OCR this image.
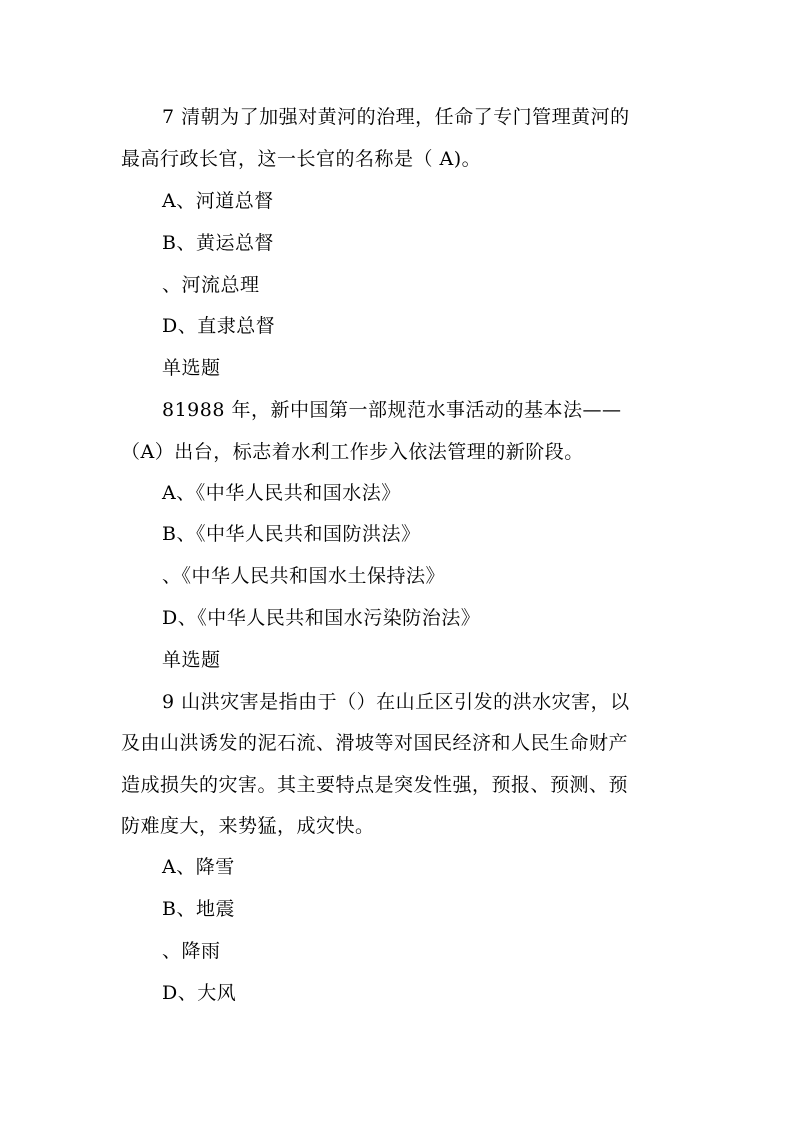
7 清朝为了加强对黄河的治理，任命了专门管理黄河的
最高行政长官，这一长官的名称是（ A)。
A、河道总督
B、黄运总督
、河流总理
D、直隶总督
单选题
81988 年，新中国第一部规范水事活动的基本法——
（A）出台，标志着水利工作步入依法管理的新阶段。
A、《中华人民共和国水法》
B、《中华人民共和国防洪法》
、《中华人民共和国水土保持法》
D、《中华人民共和国水污染防治法》
单选题
9 山洪灾害是指由于（）在山丘区引发的洪水灾害，以
及由山洪诱发的泥石流、滑坡等对国民经济和人民生命财产
造成损失的灾害。其主要特点是突发性强，预报、预测、预
防难度大，来势猛，成灾快。
A、降雪
B、地震
、降雨
D、大风
